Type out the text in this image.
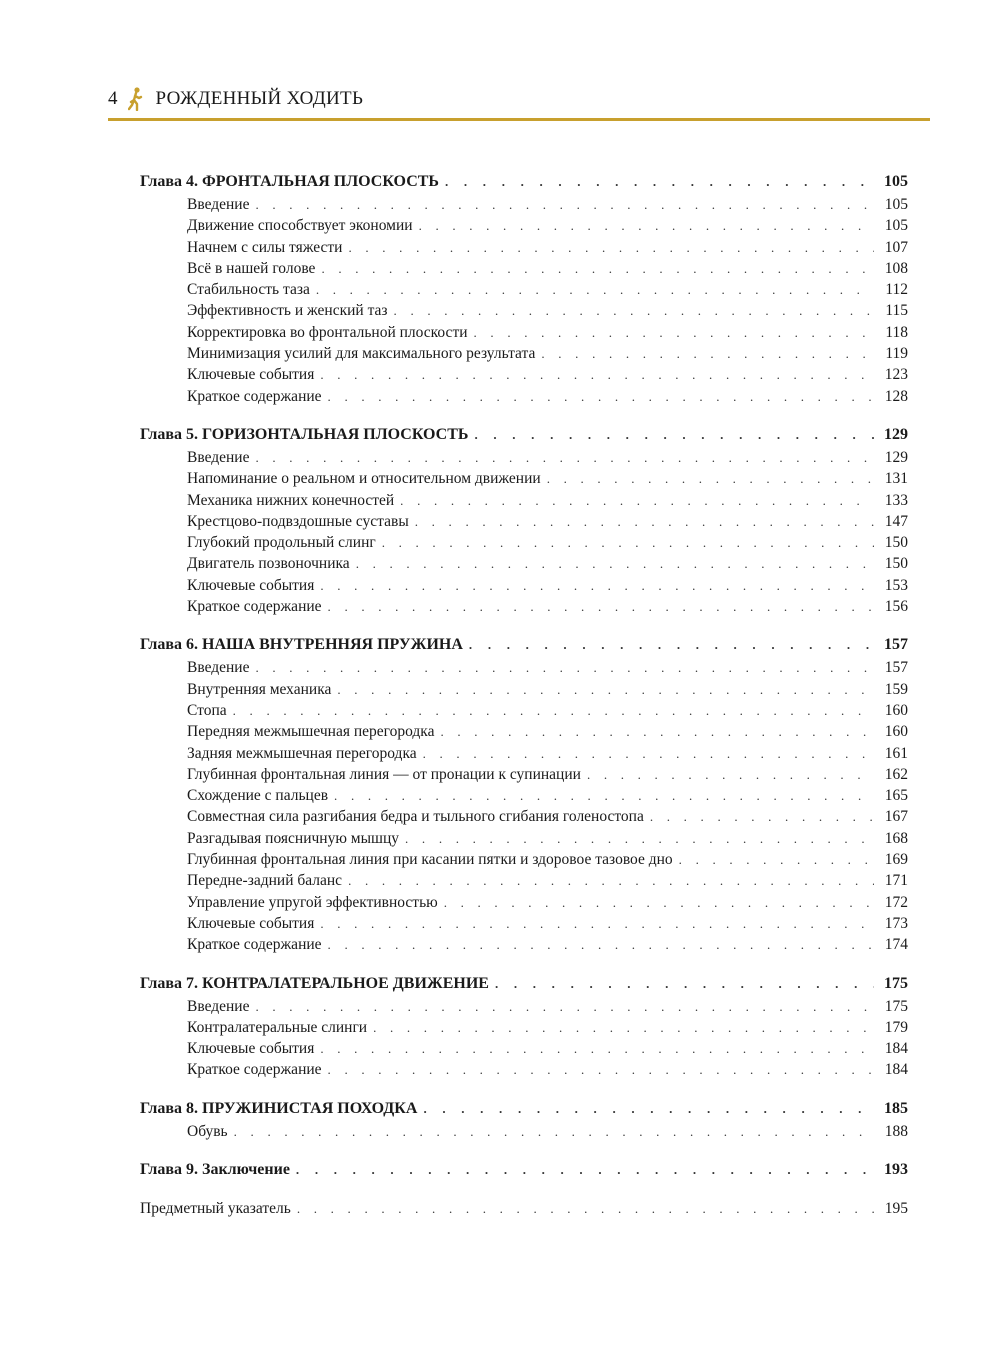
4 РОЖДЕННЫЙ ХОДИТЬ
Глава 4. ФРОНТАЛЬНАЯ ПЛОСКОСТЬ . . .	105
Введение . . .	105
Движение способствует экономии . . .	105
Начнем с силы тяжести . . .	107
Всё в нашей голове . . .	108
Стабильность таза . . .	112
Эффективность и женский таз . . .	115
Корректировка во фронтальной плоскости . . .	118
Минимизация усилий для максимального результата . . .	119
Ключевые события . . .	123
Краткое содержание . . .	128
Глава 5. ГОРИЗОНТАЛЬНАЯ ПЛОСКОСТЬ . . .	129
Введение . . .	129
Напоминание о реальном и относительном движении . . .	131
Механика нижних конечностей . . .	133
Крестцово-подвздошные суставы . . .	147
Глубокий продольный слинг . . .	150
Двигатель позвоночника . . .	150
Ключевые события . . .	153
Краткое содержание . . .	156
Глава 6. НАША ВНУТРЕННЯЯ ПРУЖИНА . . .	157
Введение . . .	157
Внутренняя механика . . .	159
Стопа . . .	160
Передняя межмышечная перегородка . . .	160
Задняя межмышечная перегородка . . .	161
Глубинная фронтальная линия — от пронации к супинации . . .	162
Схождение с пальцев . . .	165
Совместная сила разгибания бедра и тыльного сгибания голеностопа . . .	167
Разгадывая поясничную мышцу . . .	168
Глубинная фронтальная линия при касании пятки и здоровое тазовое дно . . .	169
Передне-задний баланс . . .	171
Управление упругой эффективностью . . .	172
Ключевые события . . .	173
Краткое содержание . . .	174
Глава 7. КОНТРАЛАТЕРАЛЬНОЕ ДВИЖЕНИЕ . . .	175
Введение . . .	175
Контралатеральные слинги . . .	179
Ключевые события . . .	184
Краткое содержание . . .	184
Глава 8. ПРУЖИНИСТАЯ ПОХОДКА . . .	185
Обувь . . .	188
Глава 9. Заключение . . .	193
Предметный указатель . . .	195
